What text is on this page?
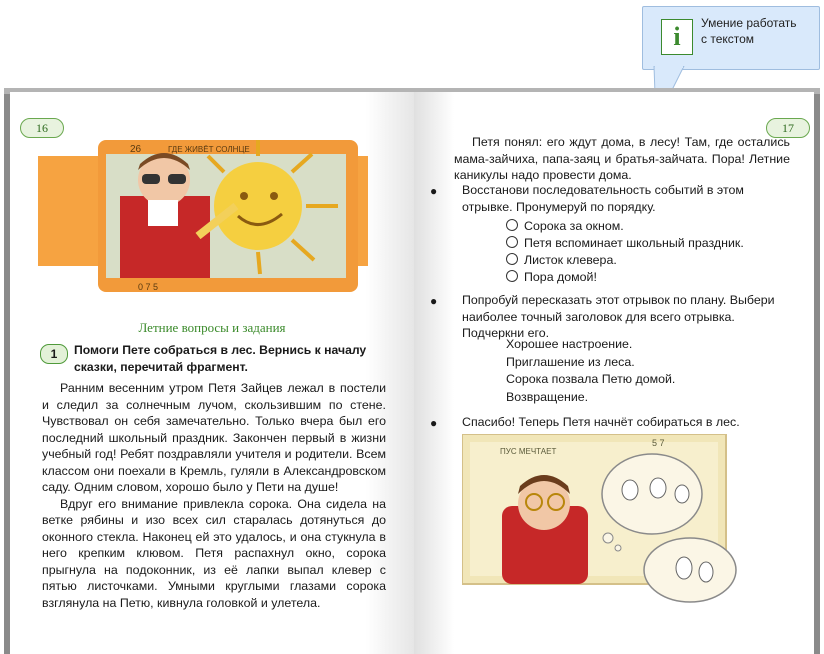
i	Умение работать
с текстом
16
26	ГДЕ ЖИВЁТ СОЛНЦЕ
0 7 5
Летние вопросы и задания
1	Помоги Пете собраться в лес. Вернись к началу сказки, перечитай фрагмент.

Ранним весенним утром Петя Зайцев лежал в постели и следил за солнечным лучом, скользившим по стене. Чувствовал он себя замечательно. Только вчера был его последний школьный праздник. Закончен первый в жизни учебный год! Ребят поздравляли учителя и родители. Всем классом они поехали в Кремль, гуляли в Александровском саду. Одним словом, хорошо было у Пети на душе!

Вдруг его внимание привлекла сорока. Она сидела на ветке рябины и изо всех сил старалась дотянуться до оконного стекла. Наконец ей это удалось, и она стукнула в него крепким клювом. Петя распахнул окно, сорока прыгнула на подоконник, из её лапки выпал клевер с пятью листочками. Умными круглыми глазами сорока взглянула на Петю, кивнула головкой и улетела.

17
Петя понял: его ждут дома, в лесу! Там, где остались мама-зайчиха, папа-заяц и братья-зайчата. Пора! Летние каникулы надо провести дома.
● Восстанови последовательность событий в этом отрывке. Пронумеруй по порядку.
Сорока за окном.
Петя вспоминает школьный праздник.
Листок клевера.
Пора домой!
● Попробуй пересказать этот отрывок по плану. Выбери наиболее точный заголовок для всего отрывка. Подчеркни его.
Хорошее настроение.
Приглашение из леса.
Сорока позвала Петю домой.
Возвращение.
● Спасибо! Теперь Петя начнёт собираться в лес.
ПУС МЕЧТАЕТ
5 7
